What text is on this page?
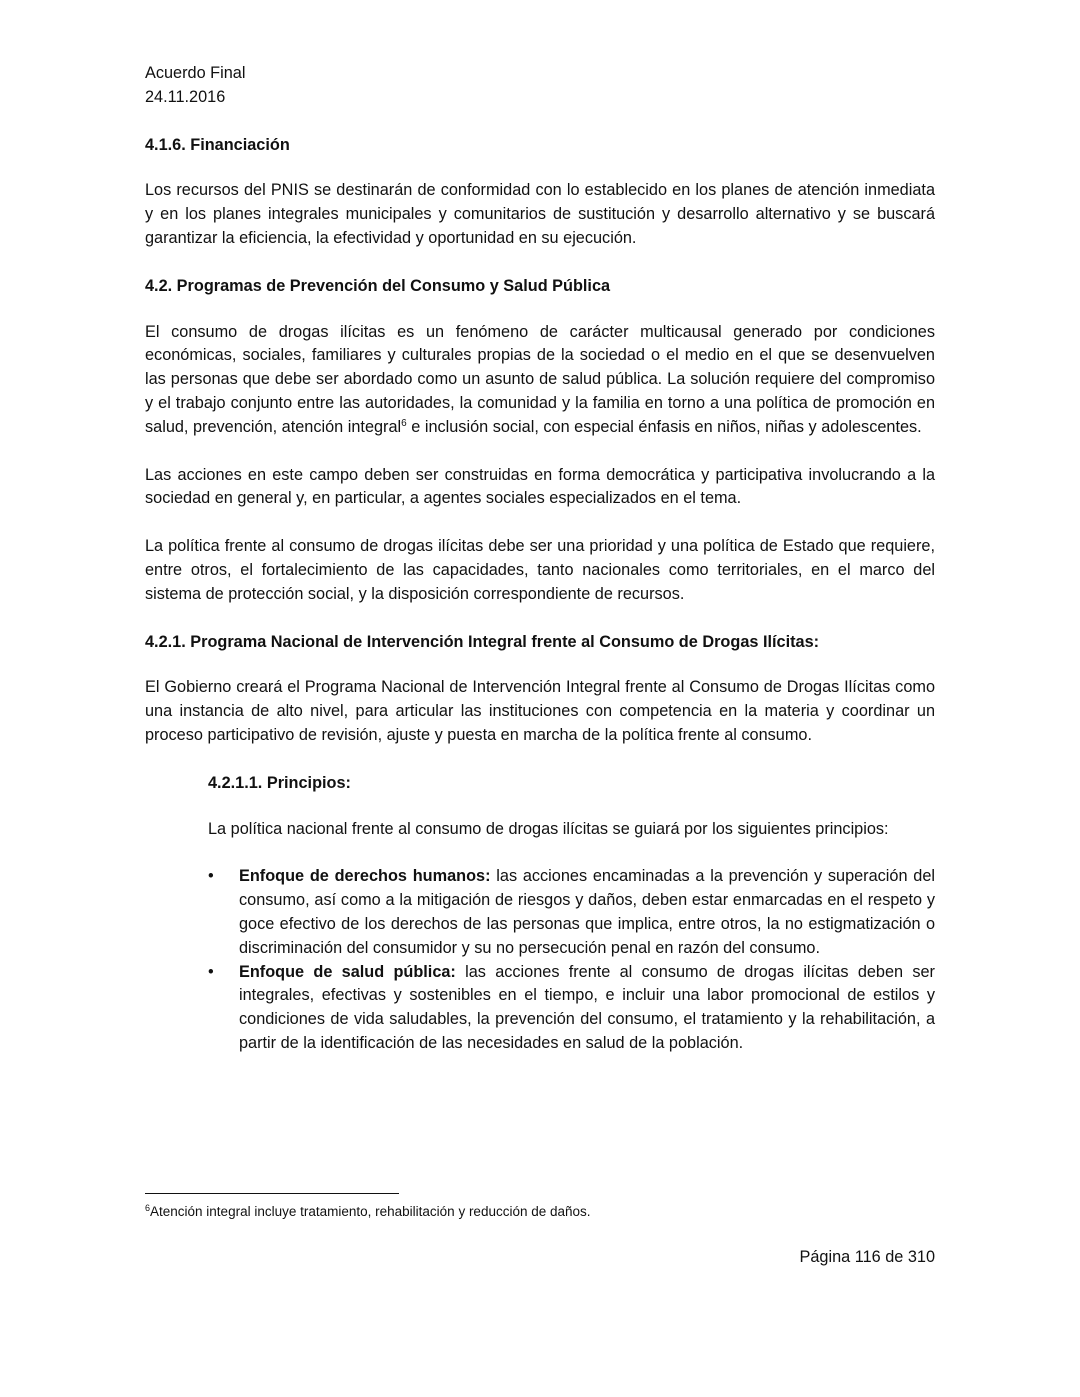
Acuerdo Final

24.11.2016

4.1.6. Financiación

Los recursos del PNIS se destinarán de conformidad con lo establecido en los planes de atención inmediata y en los planes integrales municipales y comunitarios de sustitución y desarrollo alternativo y se buscará garantizar la eficiencia, la efectividad y oportunidad en su ejecución.

4.2. Programas de Prevención del Consumo y Salud Pública

El consumo de drogas ilícitas es un fenómeno de carácter multicausal generado por condiciones económicas, sociales, familiares y culturales propias de la sociedad o el medio en el que se desenvuelven las personas que debe ser abordado como un asunto de salud pública. La solución requiere del compromiso y el trabajo conjunto entre las autoridades, la comunidad y la familia en torno a una política de promoción en salud, prevención, atención integral$^6$ e inclusión social, con especial énfasis en niños, niñas y adolescentes.

Las acciones en este campo deben ser construidas en forma democrática y participativa involucrando a la sociedad en general y, en particular, a agentes sociales especializados en el tema.

La política frente al consumo de drogas ilícitas debe ser una prioridad y una política de Estado que requiere, entre otros, el fortalecimiento de las capacidades, tanto nacionales como territoriales, en el marco del sistema de protección social, y la disposición correspondiente de recursos.

4.2.1. Programa Nacional de Intervención Integral frente al Consumo de Drogas Ilícitas:

El Gobierno creará el Programa Nacional de Intervención Integral frente al Consumo de Drogas Ilícitas como una instancia de alto nivel, para articular las instituciones con competencia en la materia y coordinar un proceso participativo de revisión, ajuste y puesta en marcha de la política frente al consumo.

4.2.1.1. Principios:

La política nacional frente al consumo de drogas ilícitas se guiará por los siguientes principios:

• Enfoque de derechos humanos: las acciones encaminadas a la prevención y superación del consumo, así como a la mitigación de riesgos y daños, deben estar enmarcadas en el respeto y goce efectivo de los derechos de las personas que implica, entre otros, la no estigmatización o discriminación del consumidor y su no persecución penal en razón del consumo.
• Enfoque de salud pública: las acciones frente al consumo de drogas ilícitas deben ser integrales, efectivas y sostenibles en el tiempo, e incluir una labor promocional de estilos y condiciones de vida saludables, la prevención del consumo, el tratamiento y la rehabilitación, a partir de la identificación de las necesidades en salud de la población.
$^6$Atención integral incluye tratamiento, rehabilitación y reducción de daños.
Página 116 de 310
